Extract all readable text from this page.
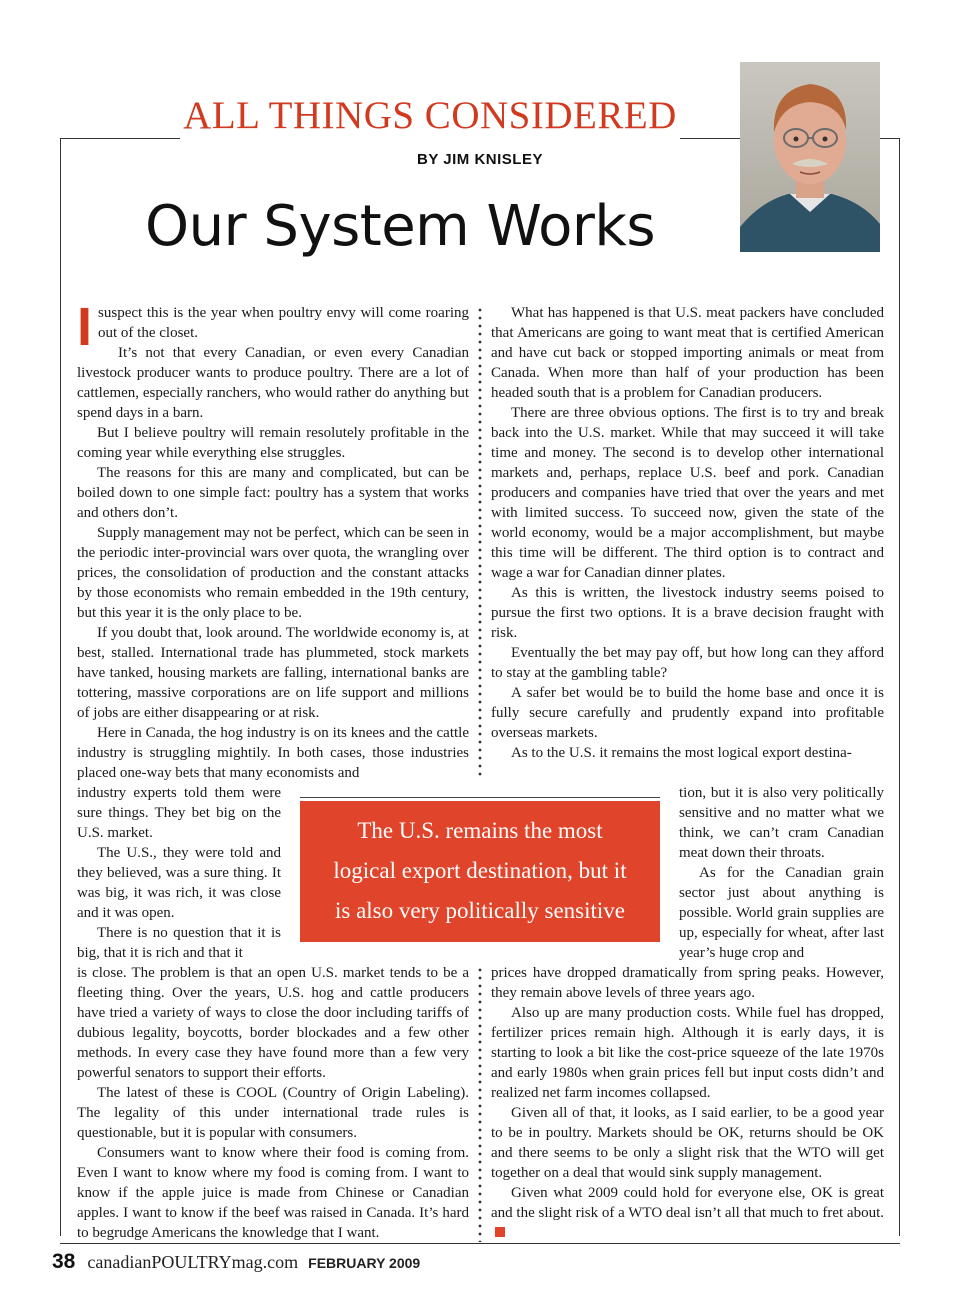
ALL THINGS CONSIDERED
BY JIM KNISLEY
Our System Works

Isuspect this is the year when poultry envy will come roaring out of the closet.

It’s not that every Canadian, or even every Canadian livestock producer wants to produce poultry. There are a lot of cattlemen, especially ranchers, who would rather do anything but spend days in a barn.

But I believe poultry will remain resolutely profitable in the coming year while everything else struggles.

The reasons for this are many and complicated, but can be boiled down to one simple fact: poultry has a system that works and others don’t.

Supply management may not be perfect, which can be seen in the periodic inter-provincial wars over quota, the wrangling over prices, the consolidation of production and the constant attacks by those economists who remain embedded in the 19th century, but this year it is the only place to be.

If you doubt that, look around. The worldwide economy is, at best, stalled. International trade has plummeted, stock markets have tanked, housing markets are falling, international banks are tottering, massive corporations are on life support and millions of jobs are either disappearing or at risk.

Here in Canada, the hog industry is on its knees and the cattle industry is struggling mightily. In both cases, those industries placed one-way bets that many economists and

industry experts told them were sure things. They bet big on the U.S. market.

The U.S., they were told and they believed, was a sure thing. It was big, it was rich, it was close and it was open.

There is no question that it is big, that it is rich and that it

is close. The problem is that an open U.S. market tends to be a fleeting thing. Over the years, U.S. hog and cattle producers have tried a variety of ways to close the door including tariffs of dubious legality, boycotts, border blockades and a few other methods. In every case they have found more than a few very powerful senators to support their efforts.

The latest of these is COOL (Country of Origin Labeling). The legality of this under international trade rules is questionable, but it is popular with consumers.

Consumers want to know where their food is coming from. Even I want to know where my food is coming from. I want to know if the apple juice is made from Chinese or Canadian apples. I want to know if the beef was raised in Canada. It’s hard to begrudge Americans the knowledge that I want.

What has happened is that U.S. meat packers have concluded that Americans are going to want meat that is certified American and have cut back or stopped importing animals or meat from Canada. When more than half of your production has been headed south that is a problem for Canadian producers.

There are three obvious options. The first is to try and break back into the U.S. market. While that may succeed it will take time and money. The second is to develop other international markets and, perhaps, replace U.S. beef and pork. Canadian producers and companies have tried that over the years and met with limited success. To succeed now, given the state of the world economy, would be a major accomplishment, but maybe this time will be different. The third option is to contract and wage a war for Canadian dinner plates.

As this is written, the livestock industry seems poised to pursue the first two options. It is a brave decision fraught with risk.

Eventually the bet may pay off, but how long can they afford to stay at the gambling table?

A safer bet would be to build the home base and once it is fully secure carefully and prudently expand into profitable overseas markets.

As to the U.S. it remains the most logical export destina-

tion, but it is also very politically sensitive and no matter what we think, we can’t cram Canadian meat down their throats.

As for the Canadian grain sector just about anything is possible. World grain supplies are up, especially for wheat, after last year’s huge crop and

prices have dropped dramatically from spring peaks. However, they remain above levels of three years ago.

Also up are many production costs. While fuel has dropped, fertilizer prices remain high. Although it is early days, it is starting to look a bit like the cost-price squeeze of the late 1970s and early 1980s when grain prices fell but input costs didn’t and realized net farm incomes collapsed.

Given all of that, it looks, as I said earlier, to be a good year to be in poultry. Markets should be OK, returns should be OK and there seems to be only a slight risk that the WTO will get together on a deal that would sink supply management.

Given what 2009 could hold for everyone else, OK is great and the slight risk of a WTO deal isn’t all that much to fret about.

The U.S. remains the most
logical export destination, but it
is also very politically sensitive
38 canadianPOULTRYmag.com FEBRUARY 2009
